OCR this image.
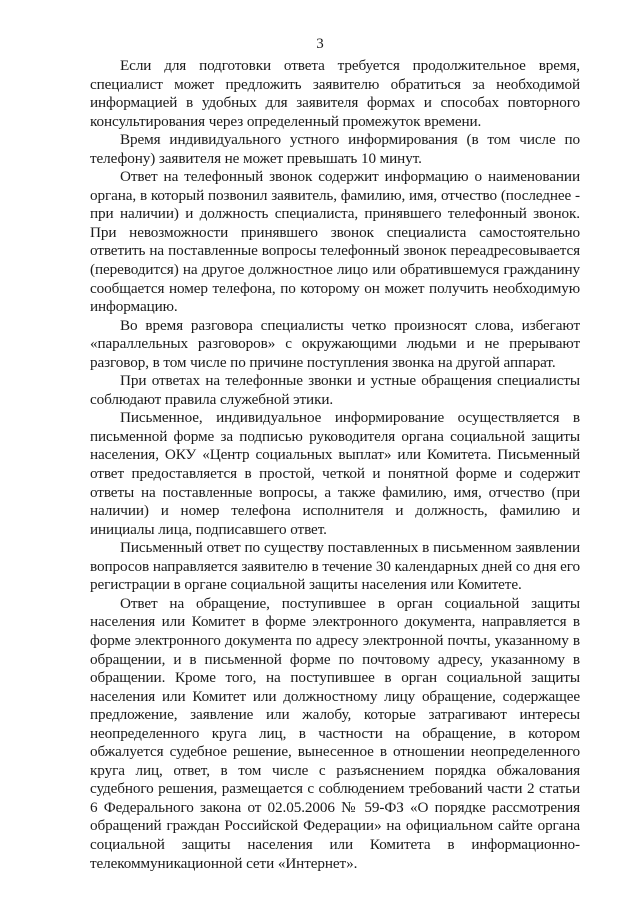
3

Если для подготовки ответа требуется продолжительное время, специалист может предложить заявителю обратиться за необходимой информацией в удобных для заявителя формах и способах повторного консультирования через определенный промежуток времени.

Время индивидуального устного информирования (в том числе по телефону) заявителя не может превышать 10 минут.

Ответ на телефонный звонок содержит информацию о наименовании органа, в который позвонил заявитель, фамилию, имя, отчество (последнее - при наличии) и должность специалиста, принявшего телефонный звонок. При невозможности принявшего звонок специалиста самостоятельно ответить на поставленные вопросы телефонный звонок переадресовывается (переводится) на другое должностное лицо или обратившемуся гражданину сообщается номер телефона, по которому он может получить необходимую информацию.

Во время разговора специалисты четко произносят слова, избегают «параллельных разговоров» с окружающими людьми и не прерывают разговор, в том числе по причине поступления звонка на другой аппарат.

При ответах на телефонные звонки и устные обращения специалисты соблюдают правила служебной этики.

Письменное, индивидуальное информирование осуществляется в письменной форме за подписью руководителя органа социальной защиты населения, ОКУ «Центр социальных выплат» или Комитета. Письменный ответ предоставляется в простой, четкой и понятной форме и содержит ответы на поставленные вопросы, а также фамилию, имя, отчество (при наличии) и номер телефона исполнителя и должность, фамилию и инициалы лица, подписавшего ответ.

Письменный ответ по существу поставленных в письменном заявлении вопросов направляется заявителю в течение 30 календарных дней со дня его регистрации в органе социальной защиты населения или Комитете.

Ответ на обращение, поступившее в орган социальной защиты населения или Комитет в форме электронного документа, направляется в форме электронного документа по адресу электронной почты, указанному в обращении, и в письменной форме по почтовому адресу, указанному в обращении. Кроме того, на поступившее в орган социальной защиты населения или Комитет или должностному лицу обращение, содержащее предложение, заявление или жалобу, которые затрагивают интересы неопределенного круга лиц, в частности на обращение, в котором обжалуется судебное решение, вынесенное в отношении неопределенного круга лиц, ответ, в том числе с разъяснением порядка обжалования судебного решения, размещается с соблюдением требований части 2 статьи 6 Федерального закона от 02.05.2006 № 59-ФЗ «О порядке рассмотрения обращений граждан Российской Федерации» на официальном сайте органа социальной защиты населения или Комитета в информационно-телекоммуникационной сети «Интернет».
